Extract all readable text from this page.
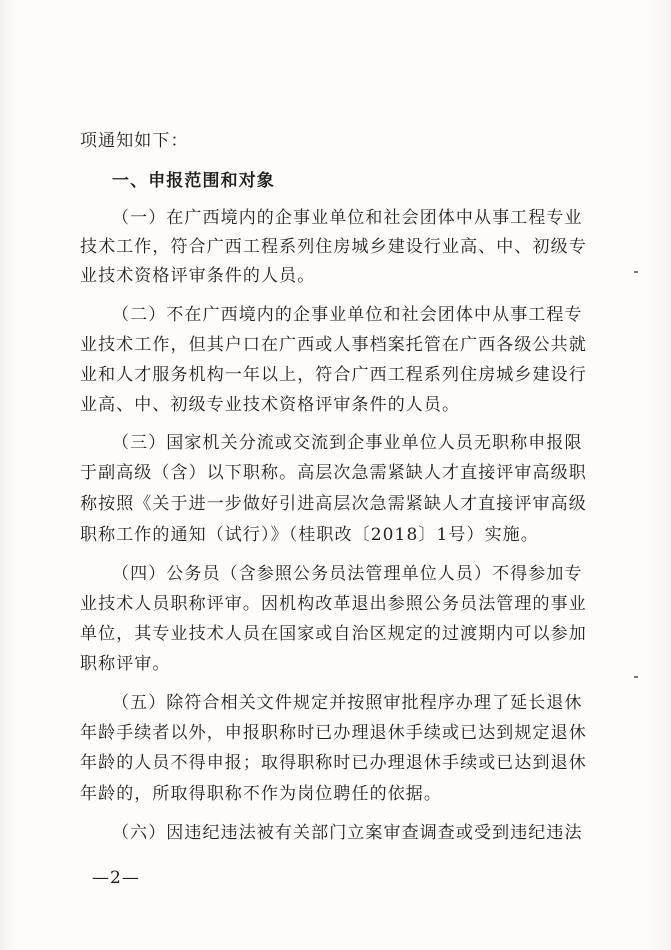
项通知如下：
一、申报范围和对象
（一）在广西境内的企事业单位和社会团体中从事工程专业
技术工作，符合广西工程系列住房城乡建设行业高、中、初级专
业技术资格评审条件的人员。
（二）不在广西境内的企事业单位和社会团体中从事工程专
业技术工作，但其户口在广西或人事档案托管在广西各级公共就
业和人才服务机构一年以上，符合广西工程系列住房城乡建设行
业高、中、初级专业技术资格评审条件的人员。
（三）国家机关分流或交流到企事业单位人员无职称申报限
于副高级（含）以下职称。高层次急需紧缺人才直接评审高级职
称按照《关于进一步做好引进高层次急需紧缺人才直接评审高级
职称工作的通知（试行）》（桂职改〔2018〕1号）实施。
（四）公务员（含参照公务员法管理单位人员）不得参加专
业技术人员职称评审。因机构改革退出参照公务员法管理的事业
单位，其专业技术人员在国家或自治区规定的过渡期内可以参加
职称评审。
（五）除符合相关文件规定并按照审批程序办理了延长退休
年龄手续者以外，申报职称时已办理退休手续或已达到规定退休
年龄的人员不得申报；取得职称时已办理退休手续或已达到退休
年龄的，所取得职称不作为岗位聘任的依据。
（六）因违纪违法被有关部门立案审查调查或受到违纪违法
—2—
